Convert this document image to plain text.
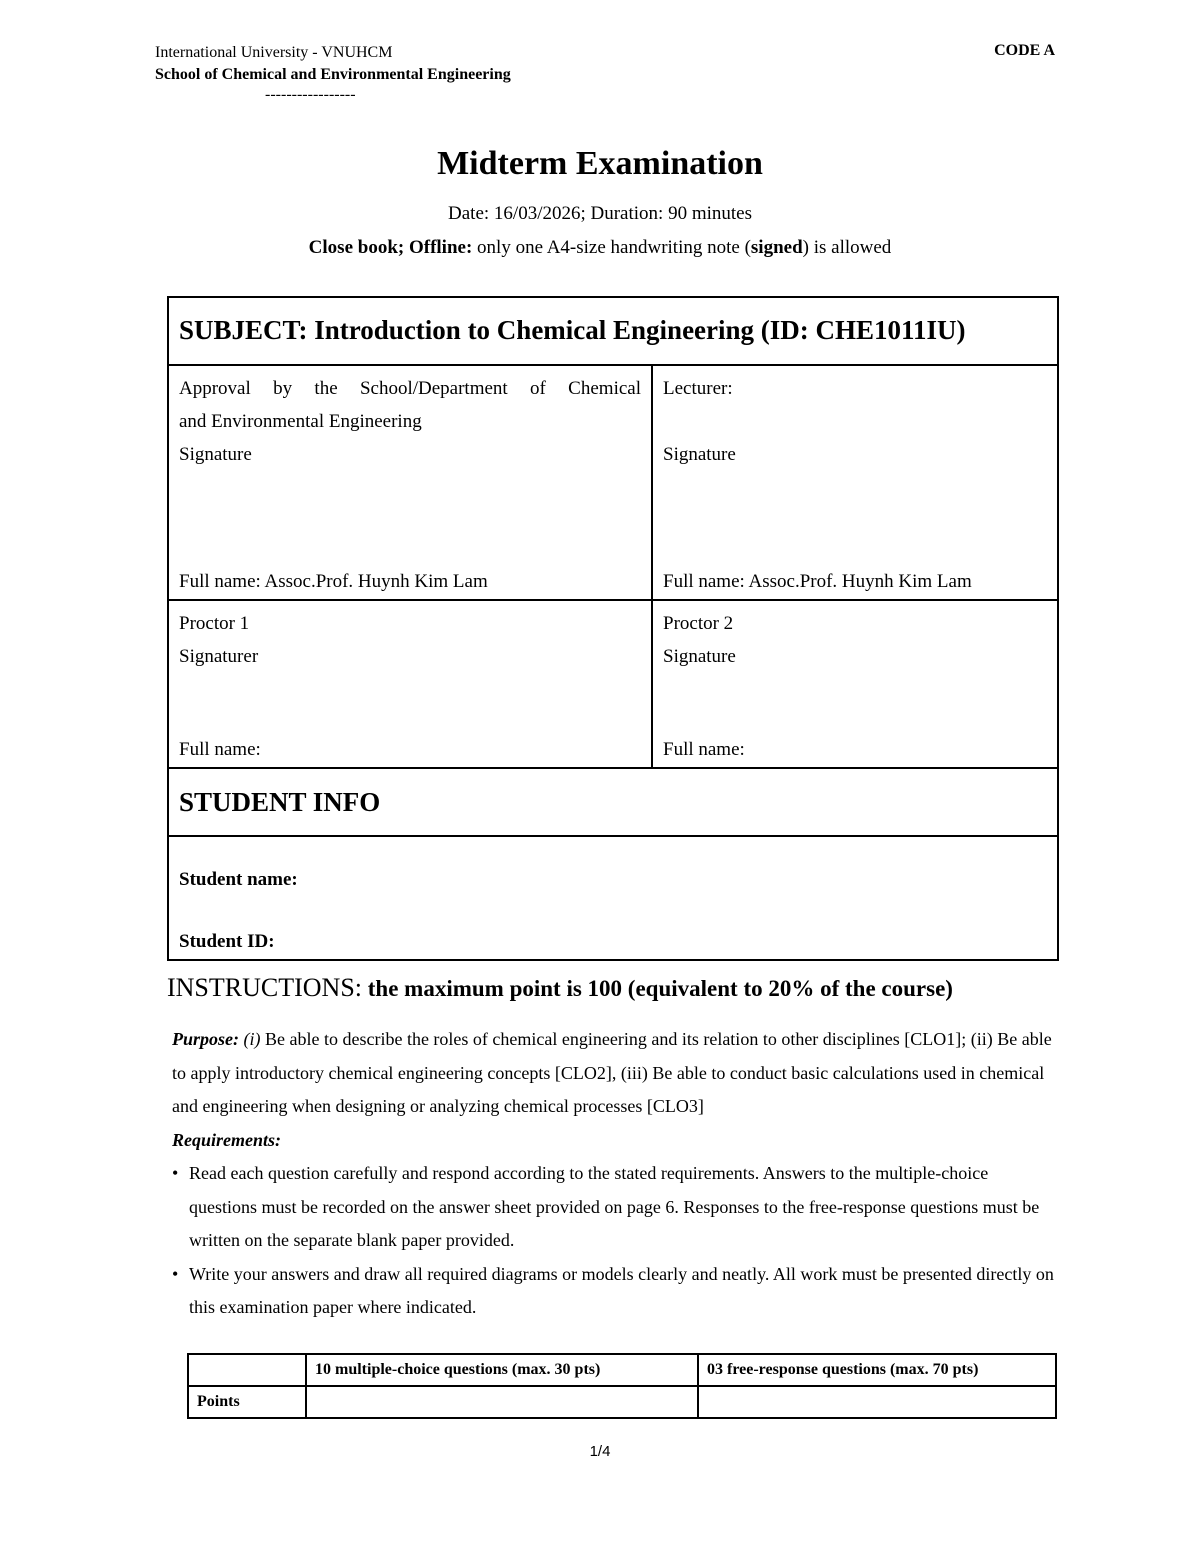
International University - VNUHCM
School of Chemical and Environmental Engineering
-----------------
CODE A
Midterm Examination
Date: 16/03/2026; Duration: 90 minutes
Close book; Offline: only one A4-size handwriting note (signed) is allowed
SUBJECT: Introduction to Chemical Engineering (ID: CHE1011IU)
Approval by the School/Department of Chemical
and Environmental Engineering
Signature
Full name: Assoc.Prof. Huynh Kim Lam
Lecturer:
Signature
Full name: Assoc.Prof. Huynh Kim Lam
Proctor 1
Signaturer
Full name:
Proctor 2
Signature
Full name:
STUDENT INFO
Student name:
Student ID:
INSTRUCTIONS: the maximum point is 100 (equivalent to 20% of the course)

Purpose: (i) Be able to describe the roles of chemical engineering and its relation to other disciplines [CLO1]; (ii) Be able to apply introductory chemical engineering concepts [CLO2], (iii) Be able to conduct basic calculations used in chemical and engineering when designing or analyzing chemical processes [CLO3]

Requirements:

• Read each question carefully and respond according to the stated requirements. Answers to the multiple-choice questions must be recorded on the answer sheet provided on page 6. Responses to the free-response questions must be written on the separate blank paper provided.
• Write your answers and draw all required diagrams or models clearly and neatly. All work must be presented directly on this examination paper where indicated.
	10 multiple-choice questions (max. 30 pts)	03 free-response questions (max. 70 pts)
Points		
1/4
